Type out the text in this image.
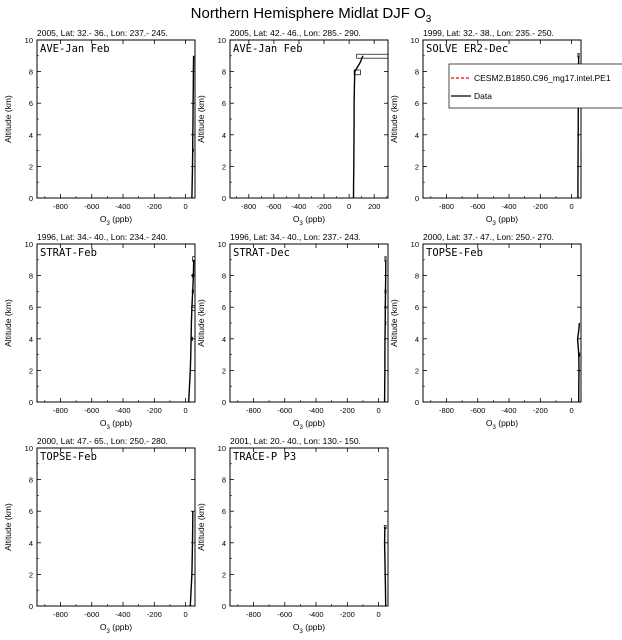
Northern Hemisphere Midlat DJF $O_3$
2005, Lat: 32.- 36., Lon: 237.- 245.
-800 -600 -400 -200	0
0
2
4
6
8
10
$O_3$ (ppb)
Altitude (km)
AVE-Jan Feb
2005, Lat: 42.- 46., Lon: 285.- 290.
-800 -600 -400 -200 0 200
0
2
4
6
8
10
$O_3$ (ppb)
Altitude (km)
AVE-Jan Feb
1999, Lat: 32.- 38., Lon: 235.- 250.
-800 -600 -400 -200	0
0
2
4
6
8
10
$O_3$ (ppb)
Altitude (km)
SOLVE ER2-Dec
CESM2.B1850.C96_mg17.intel.PE1
Data
1996, Lat: 34.- 40., Lon: 234.- 240.
-800 -600 -400 -200	0
0
2
4
6
8
10
$O_3$ (ppb)
Altitude (km)
STRAT-Feb
1996, Lat: 34.- 40., Lon: 237.- 243.
-800 -600 -400 -200	0
0
2
4
6
8
10
$O_3$ (ppb)
Altitude (km)
STRAT-Dec
2000, Lat: 37.- 47., Lon: 250.- 270.
-800 -600 -400 -200	0
0
2
4
6
8
10
$O_3$ (ppb)
Altitude (km)
TOPSE-Feb
2000, Lat: 47.- 65., Lon: 250.- 280.
-800 -600 -400 -200	0
0
2
4
6
8
10
$O_3$ (ppb)
Altitude (km)
TOPSE-Feb
2001, Lat: 20.- 40., Lon: 130.- 150.
-800 -600 -400 -200	0
0
2
4
6
8
10
$O_3$ (ppb)
Altitude (km)
TRACE-P P3
